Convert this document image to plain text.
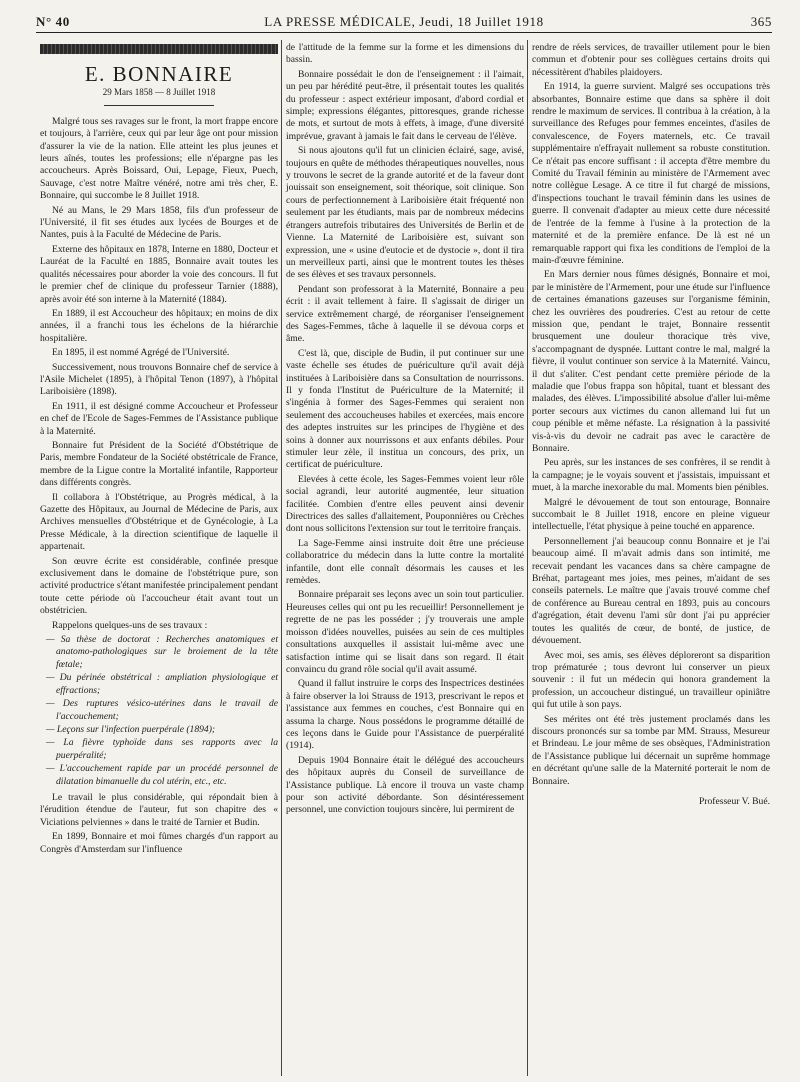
N° 40	LA PRESSE MÉDICALE, Jeudi, 18 Juillet 1918	365
E. BONNAIRE
29 Mars 1858 — 8 Juillet 1918

Malgré tous ses ravages sur le front, la mort frappe encore et toujours, à l'arrière, ceux qui par leur âge ont pour mission d'assurer la vie de la nation. Elle atteint les plus jeunes et leurs aînés, toutes les professions; elle n'épargne pas les accoucheurs. Après Boissard, Oui, Lepage, Fieux, Puech, Sauvage, c'est notre Maître vénéré, notre ami très cher, E. Bonnaire, qui succombe le 8 Juillet 1918.

Né au Mans, le 29 Mars 1858, fils d'un professeur de l'Université, il fit ses études aux lycées de Bourges et de Nantes, puis à la Faculté de Médecine de Paris.

Externe des hôpitaux en 1878, Interne en 1880, Docteur et Lauréat de la Faculté en 1885, Bonnaire avait toutes les qualités nécessaires pour aborder la voie des concours. Il fut le premier chef de clinique du professeur Tarnier (1888), après avoir été son interne à la Maternité (1884).

En 1889, il est Accoucheur des hôpitaux; en moins de dix années, il a franchi tous les échelons de la hiérarchie hospitalière.

En 1895, il est nommé Agrégé de l'Université.

Successivement, nous trouvons Bonnaire chef de service à l'Asile Michelet (1895), à l'hôpital Tenon (1897), à l'hôpital Lariboisière (1898).

En 1911, il est désigné comme Accoucheur et Professeur en chef de l'Ecole de Sages-Femmes de l'Assistance publique à la Maternité.

Bonnaire fut Président de la Société d'Obstétrique de Paris, membre Fondateur de la Société obstétricale de France, membre de la Ligue contre la Mortalité infantile, Rapporteur dans différents congrès.

Il collabora à l'Obstétrique, au Progrès médical, à la Gazette des Hôpitaux, au Journal de Médecine de Paris, aux Archives mensuelles d'Obstétrique et de Gynécologie, à La Presse Médicale, à la direction scientifique de laquelle il appartenait.

Son œuvre écrite est considérable, confinée presque exclusivement dans le domaine de l'obstétrique pure, son activité productrice s'étant manifestée principalement pendant toute cette période où l'accoucheur était avant tout un obstétricien.

Rappelons quelques-uns de ses travaux :

— Sa thèse de doctorat : Recherches anatomiques et anatomo-pathologiques sur le broiement de la tête fœtale;
— Du périnée obstétrical : ampliation physiologique et effractions;
— Des ruptures vésico-utérines dans le travail de l'accouchement;
— Leçons sur l'infection puerpérale (1894);
— La fièvre typhoïde dans ses rapports avec la puerpéralité;
— L'accouchement rapide par un procédé personnel de dilatation bimanuelle du col utérin, etc., etc.

Le travail le plus considérable, qui répondait bien à l'érudition étendue de l'auteur, fut son chapitre des « Viciations pelviennes » dans le traité de Tarnier et Budin.

En 1899, Bonnaire et moi fûmes chargés d'un rapport au Congrès d'Amsterdam sur l'influence

de l'attitude de la femme sur la forme et les dimensions du bassin.

Bonnaire possédait le don de l'enseignement : il l'aimait, un peu par hérédité peut-être, il présentait toutes les qualités du professeur : aspect extérieur imposant, d'abord cordial et simple; expressions élégantes, pittoresques, grande richesse de mots, et surtout de mots à effets, à image, d'une diversité imprévue, gravant à jamais le fait dans le cerveau de l'élève.

Si nous ajoutons qu'il fut un clinicien éclairé, sage, avisé, toujours en quête de méthodes thérapeutiques nouvelles, nous y trouvons le secret de la grande autorité et de la faveur dont jouissait son enseignement, soit théorique, soit clinique. Son cours de perfectionnement à Lariboisière était fréquenté non seulement par les étudiants, mais par de nombreux médecins étrangers autrefois tributaires des Universités de Berlin et de Vienne. La Maternité de Lariboisière est, suivant son expression, une « usine d'eutocie et de dystocie », dont il tira un merveilleux parti, ainsi que le montrent toutes les thèses de ses élèves et ses travaux personnels.

Pendant son professorat à la Maternité, Bonnaire a peu écrit : il avait tellement à faire. Il s'agissait de diriger un service extrêmement chargé, de réorganiser l'enseignement des Sages-Femmes, tâche à laquelle il se dévoua corps et âme.

C'est là, que, disciple de Budin, il put continuer sur une vaste échelle ses études de puériculture qu'il avait déjà instituées à Lariboisière dans sa Consultation de nourrissons. Il y fonda l'Institut de Puériculture de la Maternité; il s'ingénia à former des Sages-Femmes qui seraient non seulement des accoucheuses habiles et exercées, mais encore des adeptes instruites sur les principes de l'hygiène et des soins à donner aux nourrissons et aux enfants débiles. Pour stimuler leur zèle, il institua un concours, des prix, un certificat de puériculture.

Elevées à cette école, les Sages-Femmes voient leur rôle social agrandi, leur autorité augmentée, leur situation facilitée. Combien d'entre elles peuvent ainsi devenir Directrices des salles d'allaitement, Pouponnières ou Crèches dont nous sollicitons l'extension sur tout le territoire français.

La Sage-Femme ainsi instruite doit être une précieuse collaboratrice du médecin dans la lutte contre la mortalité infantile, dont elle connaît désormais les causes et les remèdes.

Bonnaire préparait ses leçons avec un soin tout particulier. Heureuses celles qui ont pu les recueillir! Personnellement je regrette de ne pas les posséder ; j'y trouverais une ample moisson d'idées nouvelles, puisées au sein de ces multiples consultations auxquelles il assistait lui-même avec une satisfaction intime qui se lisait dans son regard. Il était convaincu du grand rôle social qu'il avait assumé.

Quand il fallut instruire le corps des Inspectrices destinées à faire observer la loi Strauss de 1913, prescrivant le repos et l'assistance aux femmes en couches, c'est Bonnaire qui en assuma la charge. Nous possédons le programme détaillé de ces leçons dans le Guide pour l'Assistance de puerpéralité (1914).

Depuis 1904 Bonnaire était le délégué des accoucheurs des hôpitaux auprès du Conseil de surveillance de l'Assistance publique. Là encore il trouva un vaste champ pour son activité débordante. Son désintéressement personnel, une conviction toujours sincère, lui permirent de

rendre de réels services, de travailler utilement pour le bien commun et d'obtenir pour ses collègues certains droits qui nécessitèrent d'habiles plaidoyers.

En 1914, la guerre survient. Malgré ses occupations très absorbantes, Bonnaire estime que dans sa sphère il doit rendre le maximum de services. Il contribua à la création, à la surveillance des Refuges pour femmes enceintes, d'asiles de convalescence, de Foyers maternels, etc. Ce travail supplémentaire n'effrayait nullement sa robuste constitution. Ce n'était pas encore suffisant : il accepta d'être membre du Comité du Travail féminin au ministère de l'Armement avec notre collègue Lesage. A ce titre il fut chargé de missions, d'inspections touchant le travail féminin dans les usines de guerre. Il convenait d'adapter au mieux cette dure nécessité de l'entrée de la femme à l'usine à la protection de la maternité et de la première enfance. De là est né un remarquable rapport qui fixa les conditions de l'emploi de la main-d'œuvre féminine.

En Mars dernier nous fûmes désignés, Bonnaire et moi, par le ministère de l'Armement, pour une étude sur l'influence de certaines émanations gazeuses sur l'organisme féminin, chez les ouvrières des poudreries. C'est au retour de cette mission que, pendant le trajet, Bonnaire ressentit brusquement une douleur thoracique très vive, s'accompagnant de dyspnée. Luttant contre le mal, malgré la fièvre, il voulut continuer son service à la Maternité. Vaincu, il dut s'aliter. C'est pendant cette première période de la maladie que l'obus frappa son hôpital, tuant et blessant des malades, des élèves. L'impossibilité absolue d'aller lui-même porter secours aux victimes du canon allemand lui fut un coup pénible et même néfaste. La résignation à la passivité vis-à-vis du devoir ne cadrait pas avec le caractère de Bonnaire.

Peu après, sur les instances de ses confrères, il se rendit à la campagne; je le voyais souvent et j'assistais, impuissant et muet, à la marche inexorable du mal. Moments bien pénibles.

Malgré le dévouement de tout son entourage, Bonnaire succombait le 8 Juillet 1918, encore en pleine vigueur intellectuelle, l'état physique à peine touché en apparence.

Personnellement j'ai beaucoup connu Bonnaire et je l'ai beaucoup aimé. Il m'avait admis dans son intimité, me recevait pendant les vacances dans sa chère campagne de Bréhat, partageant mes joies, mes peines, m'aidant de ses conseils paternels. Le maître que j'avais trouvé comme chef de conférence au Bureau central en 1893, puis au concours d'agrégation, était devenu l'ami sûr dont j'ai pu apprécier toutes les qualités de cœur, de bonté, de justice, de dévouement.

Avec moi, ses amis, ses élèves déploreront sa disparition trop prématurée ; tous devront lui conserver un pieux souvenir : il fut un médecin qui honora grandement la profession, un accoucheur distingué, un travailleur opiniâtre qui fut utile à son pays.

Ses mérites ont été très justement proclamés dans les discours prononcés sur sa tombe par MM. Strauss, Mesureur et Brindeau. Le jour même de ses obsèques, l'Administration de l'Assistance publique lui décernait un suprême hommage en décrétant qu'une salle de la Maternité porterait le nom de Bonnaire.

Professeur V. Bué.
